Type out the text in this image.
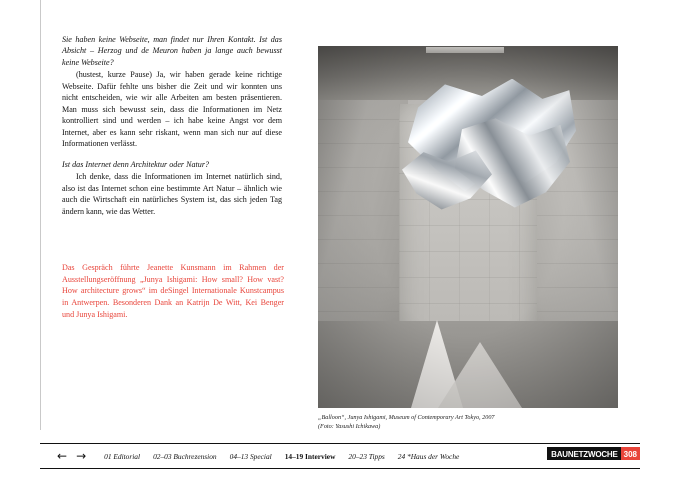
Sie haben keine Webseite, man findet nur Ihren Kontakt. Ist das Absicht – Herzog und de Meuron haben ja lange auch bewusst keine Webseite?

(hustest, kurze Pause) Ja, wir haben gerade keine richtige Webseite. Dafür fehlte uns bisher die Zeit und wir konnten uns nicht entscheiden, wie wir alle Arbeiten am besten präsentieren. Man muss sich bewusst sein, dass die Informationen im Netz kontrolliert sind und werden – ich habe keine Angst vor dem Internet, aber es kann sehr riskant, wenn man sich nur auf diese Informationen verlässt.

Ist das Internet denn Architektur oder Natur?

Ich denke, dass die Informationen im Internet natürlich sind, also ist das Internet schon eine bestimmte Art Natur – ähnlich wie auch die Wirtschaft ein natürliches System ist, das sich jeden Tag ändern kann, wie das Wetter.

Das Gespräch führte Jeanette Kunsmann im Rahmen der Ausstellungseröffnung „Junya Ishigami: How small? How vast? How architecture grows“ im deSingel Internationale Kunstcampus in Antwerpen. Besonderen Dank an Katrijn De Witt, Kei Benger und Junya Ishigami.
„Balloon“, Junya Ishigami, Museum of Contemporary Art Tokyo, 2007
(Foto: Yasushi Ichikawa)
← → 01 Editorial 02–03 Buchrezension 04–13 Special 14–19 Interview 20–23 Tipps 24 *Haus der Woche	BAUNETZWOCHE 308
